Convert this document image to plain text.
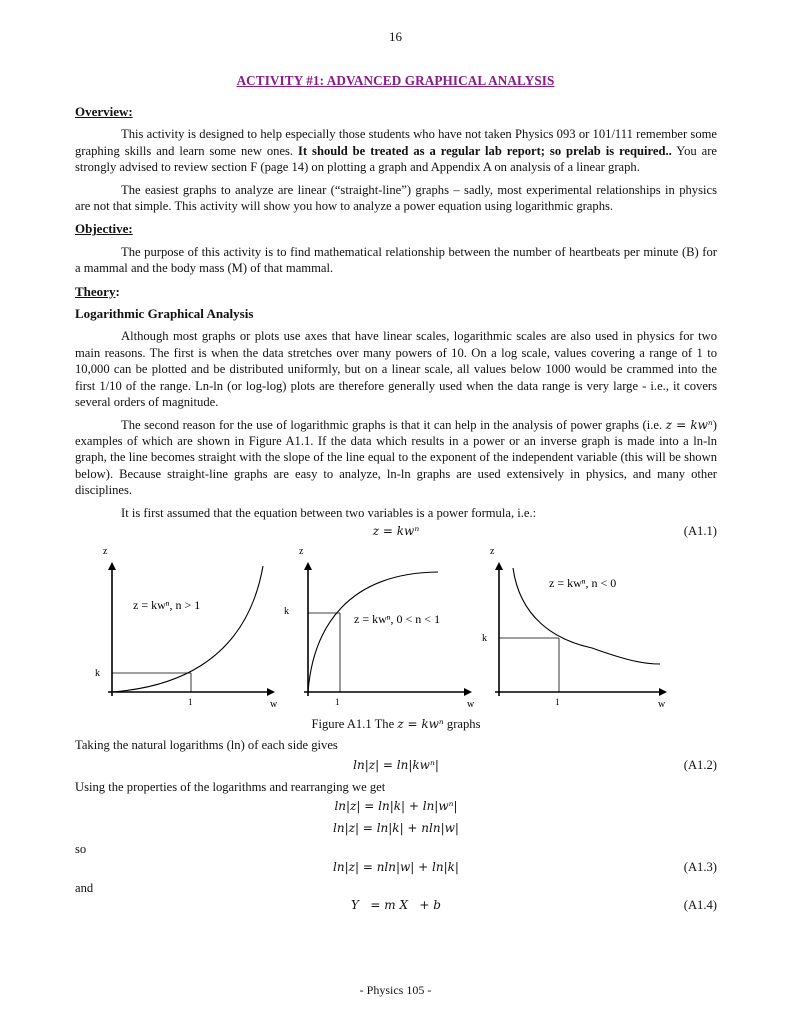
16
ACTIVITY #1: ADVANCED GRAPHICAL ANALYSIS
Overview:

This activity is designed to help especially those students who have not taken Physics 093 or 101/111 remember some graphing skills and learn some new ones. It should be treated as a regular lab report; so prelab is required.. You are strongly advised to review section F (page 14) on plotting a graph and Appendix A on analysis of a linear graph.

The easiest graphs to analyze are linear (“straight-line”) graphs – sadly, most experimental relationships in physics are not that simple. This activity will show you how to analyze a power equation using logarithmic graphs.

Objective:

The purpose of this activity is to find mathematical relationship between the number of heartbeats per minute (B) for a mammal and the body mass (M) of that mammal.

Theory:
Logarithmic Graphical Analysis

Although most graphs or plots use axes that have linear scales, logarithmic scales are also used in physics for two main reasons. The first is when the data stretches over many powers of 10. On a log scale, values covering a range of 1 to 10,000 can be plotted and be distributed uniformly, but on a linear scale, all values below 1000 would be crammed into the first 1/10 of the range. Ln-ln (or log-log) plots are therefore generally used when the data range is very large - i.e., it covers several orders of magnitude.

The second reason for the use of logarithmic graphs is that it can help in the analysis of power graphs (i.e. z = kwⁿ) examples of which are shown in Figure A1.1. If the data which results in a power or an inverse graph is made into a ln-ln graph, the line becomes straight with the slope of the line equal to the exponent of the independent variable (this will be shown below). Because straight-line graphs are easy to analyze, ln-ln graphs are used extensively in physics, and many other disciplines.

It is first assumed that the equation between two variables is a power formula, i.e.:

z = kwⁿ	(A1.1)
z
w
k
1
z = kwⁿ, n > 1
z
w
k
1
z = kwⁿ, 0 < n < 1
z
w
k
1
z = kwⁿ, n < 0
Figure A1.1 The z = kwⁿ graphs
Taking the natural logarithms (ln) of each side gives
ln|z| = ln|kwⁿ|	(A1.2)
Using the properties of the logarithms and rearranging we get
ln|z| = ln|k| + ln|wⁿ|
ln|z| = ln|k| + nln|w|
so
ln|z| = nln|w| + ln|k|	(A1.3)
and
Y   = m X   + b	(A1.4)
- Physics 105 -
